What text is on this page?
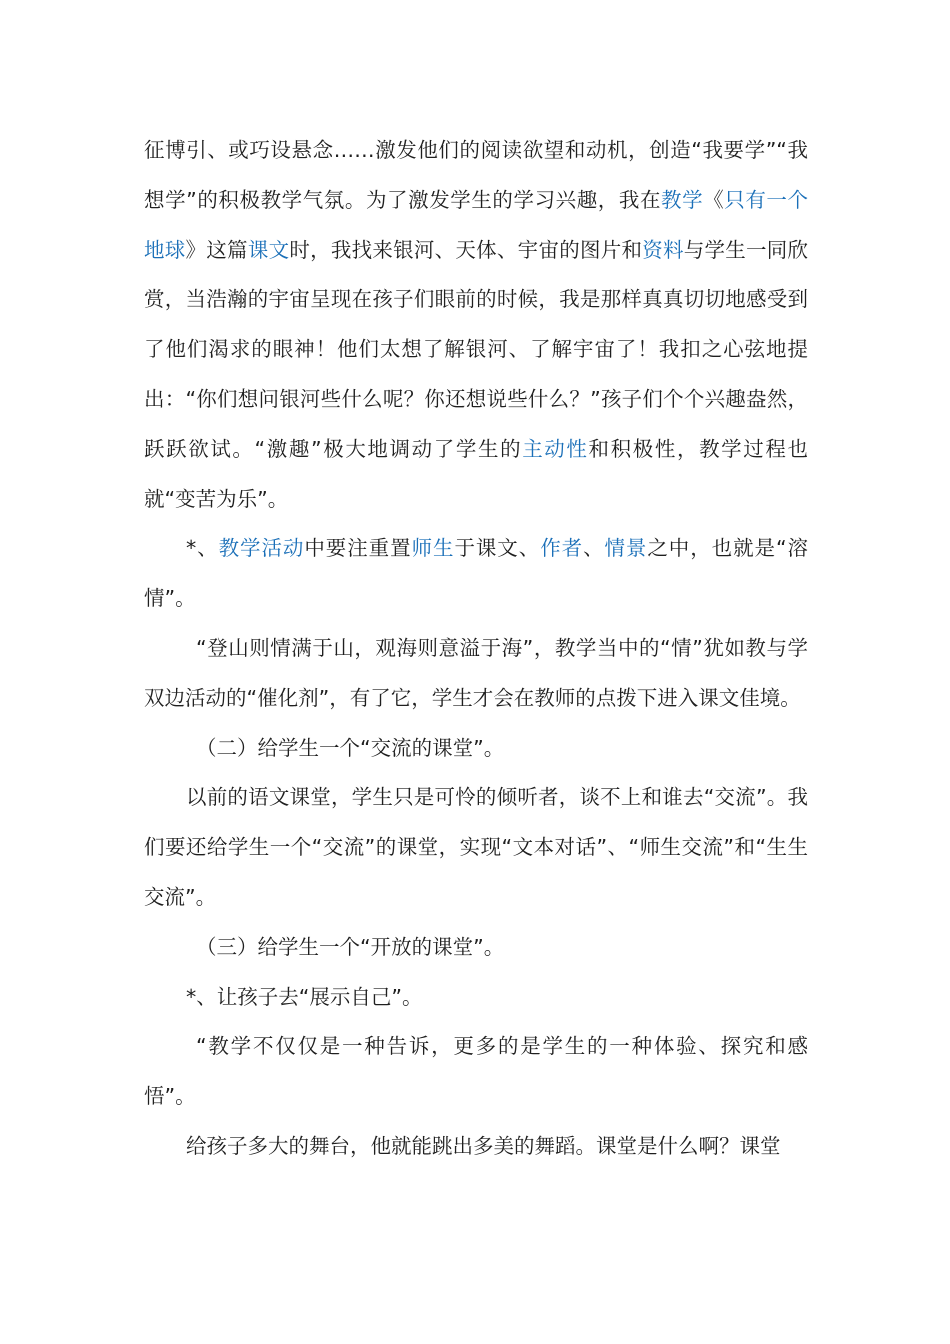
征博引、或巧设悬念……激发他们的阅读欲望和动机，创造“我要学”“我想学”的积极教学气氛。为了激发学生的学习兴趣，我在教学《只有一个地球》这篇课文时，我找来银河、天体、宇宙的图片和资料与学生一同欣赏，当浩瀚的宇宙呈现在孩子们眼前的时候，我是那样真真切切地感受到了他们渴求的眼神！他们太想了解银河、了解宇宙了！我扣之心弦地提出：“你们想问银河些什么呢？你还想说些什么？”孩子们个个兴趣盎然，跃跃欲试。“激趣”极大地调动了学生的主动性和积极性，教学过程也就“变苦为乐”。

*、教学活动中要注重置师生于课文、作者、情景之中，也就是“溶情”。

“登山则情满于山，观海则意溢于海”，教学当中的“情”犹如教与学双边活动的“催化剂”，有了它，学生才会在教师的点拨下进入课文佳境。

（二）给学生一个“交流的课堂”。

以前的语文课堂，学生只是可怜的倾听者，谈不上和谁去“交流”。我们要还给学生一个“交流”的课堂，实现“文本对话”、“师生交流”和“生生交流”。

（三）给学生一个“开放的课堂”。

*、让孩子去“展示自己”。

“教学不仅仅是一种告诉，更多的是学生的一种体验、探究和感悟”。

给孩子多大的舞台，他就能跳出多美的舞蹈。课堂是什么啊？课堂
